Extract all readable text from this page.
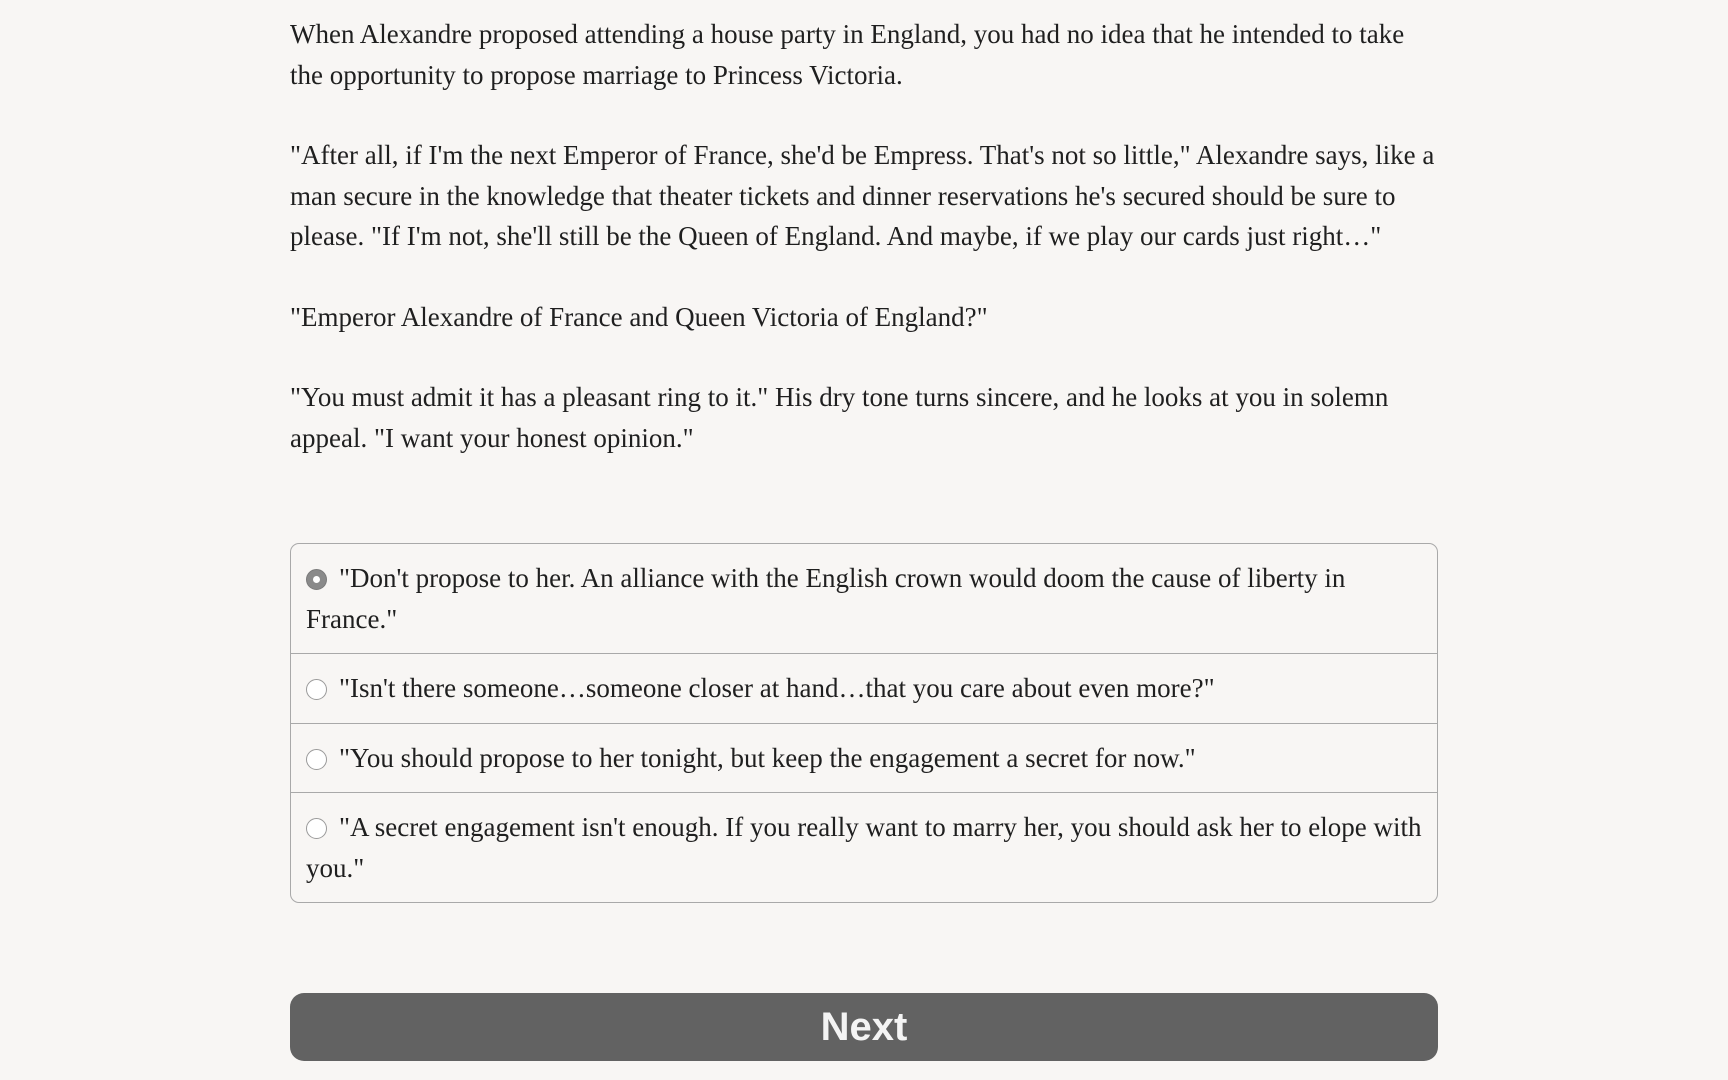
When Alexandre proposed attending a house party in England, you had no idea that he intended to take the opportunity to propose marriage to Princess Victoria.

"After all, if I'm the next Emperor of France, she'd be Empress. That's not so little," Alexandre says, like a man secure in the knowledge that theater tickets and dinner reservations he's secured should be sure to please. "If I'm not, she'll still be the Queen of England. And maybe, if we play our cards just right…"

"Emperor Alexandre of France and Queen Victoria of England?"

"You must admit it has a pleasant ring to it." His dry tone turns sincere, and he looks at you in solemn appeal. "I want your honest opinion."

"Don't propose to her. An alliance with the English crown would doom the cause of liberty in France."
"Isn't there someone…someone closer at hand…that you care about even more?"
"You should propose to her tonight, but keep the engagement a secret for now."
"A secret engagement isn't enough. If you really want to marry her, you should ask her to elope with you."
Next
